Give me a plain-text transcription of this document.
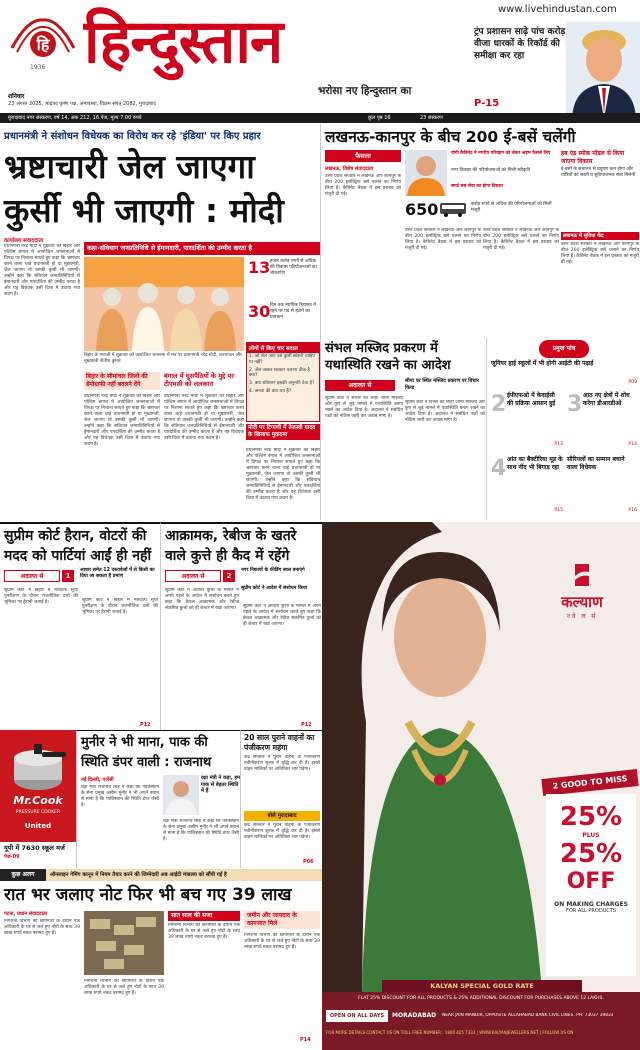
हि
1936 हिन्दुस्तान	www.livehindustan.com
भरोसा नए हिन्दुस्तान का
शनिवार
23 अगस्त 2025, भाद्रपद कृष्ण पक्ष, अमावस्या, विक्रम संवत् 2082, मुरादाबाद
ट्रंप प्रशासन साढ़े पांच करोड़ वीजा धारकों के रिकॉर्ड की समीक्षा कर रहा
P-15
मुरादाबाद नगर संस्करण, वर्ष 14, अंक 212, 16 पेज, मूल्य 7.00 रुपये	कुल पृष्ठ 16	23 संस्करण
प्रधानमंत्री ने संशोधन विधेयक का विरोध कर रहे 'इंडिया' पर किए प्रहार
भ्रष्टाचारी जेल जाएगा
कुर्सी भी जाएगी : मोदी
कार्यालय संवाददाता
प्रधानमंत्री नरेंद्र मोदी ने शुक्रवार को बिहार और पश्चिम बंगाल में आयोजित जनसभाओं में विपक्ष पर निशाना साधते हुए कहा कि भ्रष्टाचार करने वाला चाहे प्रधानमंत्री हो या मुख्यमंत्री, जेल जाएगा तो उसकी कुर्सी भी जाएगी। उन्होंने कहा कि संविधान जनप्रतिनिधियों से ईमानदारी और पारदर्शिता की उम्मीद करता है और यह विधेयक उसी दिशा में उठाया गया कदम है।
कहा-संविधान जनप्रतिनिधि से ईमानदारी, पारदर्शिता की उम्मीद करता है
13 हजार करोड़ रुपये से अधिक की विकास परियोजनाओं का लोकार्पण
30 दिन तक न्यायिक हिरासत में रहने पर पद से हटाने का प्रावधान
बिहार के गयाजी में शुक्रवार को आयोजित जनसभा में मंच पर प्रधानमंत्री नरेंद्र मोदी, राज्यपाल और मुख्यमंत्री नीतीश कुमार
लोगों से किए चार सवाल
1. जो जेल जाए उसे कुर्सी छोड़नी चाहिए या नहीं?
2. जेल जाकर सरकार चलाना ठीक है क्या?
3. क्या संविधान इसकी अनुमति देता है?
4. जनता की क्या राय है?
बिहार के सीमांचल जिलों की डेमोग्राफी नहीं बदलने देंगे
प्रधानमंत्री नरेंद्र मोदी ने शुक्रवार को बिहार और पश्चिम बंगाल में आयोजित जनसभाओं में विपक्ष पर निशाना साधते हुए कहा कि भ्रष्टाचार करने वाला चाहे प्रधानमंत्री हो या मुख्यमंत्री, जेल जाएगा तो उसकी कुर्सी भी जाएगी। उन्होंने कहा कि संविधान जनप्रतिनिधियों से ईमानदारी और पारदर्शिता की उम्मीद करता है और यह विधेयक उसी दिशा में उठाया गया कदम है।
बंगाल में घुसपैठियों के मुद्दे पर टीएमसी को ललकारा
प्रधानमंत्री नरेंद्र मोदी ने शुक्रवार को बिहार और पश्चिम बंगाल में आयोजित जनसभाओं में विपक्ष पर निशाना साधते हुए कहा कि भ्रष्टाचार करने वाला चाहे प्रधानमंत्री हो या मुख्यमंत्री, जेल जाएगा तो उसकी कुर्सी भी जाएगी। उन्होंने कहा कि संविधान जनप्रतिनिधियों से ईमानदारी और पारदर्शिता की उम्मीद करता है और यह विधेयक उसी दिशा में उठाया गया कदम है।
मोदी पर टिप्पणी में तेजस्वी यादव के खिलाफ मुकदमा
प्रधानमंत्री नरेंद्र मोदी ने शुक्रवार को बिहार और पश्चिम बंगाल में आयोजित जनसभाओं में विपक्ष पर निशाना साधते हुए कहा कि भ्रष्टाचार करने वाला चाहे प्रधानमंत्री हो या मुख्यमंत्री, जेल जाएगा तो उसकी कुर्सी भी जाएगी। उन्होंने कहा कि संविधान जनप्रतिनिधियों से ईमानदारी और पारदर्शिता की उम्मीद करता है और यह विधेयक उसी दिशा में उठाया गया कदम है।
लखनऊ-कानपुर के बीच 200 ई-बसें चलेंगी
फैसला
लखनऊ, विशेष संवाददाता
उत्तर प्रदेश सरकार ने लखनऊ और कानपुर के बीच 200 इलेक्ट्रिक बसें चलाने का निर्णय लिया है। कैबिनेट बैठक में इस प्रस्ताव को मंजूरी दी गई।
योगी कैबिनेट ने नगरीय परिवहन को लेकर अहम फैसले लिए
नगर विकास की परियोजनाओं को मिली स्वीकृति
स्मार्ट बस सेवा का होगा विस्तार
650	करोड़ रुपये से अधिक की परियोजनाओं को मिली मंजूरी
लखनऊ में सुविधा केंद्र
उत्तर प्रदेश सरकार ने लखनऊ और कानपुर के बीच 200 इलेक्ट्रिक बसें चलाने का निर्णय लिया है। कैबिनेट बैठक में इस प्रस्ताव को मंजूरी दी गई।
उत्तर प्रदेश सरकार ने लखनऊ और कानपुर के बीच 200 इलेक्ट्रिक बसें चलाने का निर्णय लिया है। कैबिनेट बैठक में इस प्रस्ताव को मंजूरी दी गई।
हब एंड स्पोक मॉडल से किया जाएगा विकास
ई-बसों के संचालन से प्रदूषण कम होगा और यात्रियों को सस्ती व सुविधाजनक सेवा मिलेगी
उत्तर प्रदेश सरकार ने लखनऊ और कानपुर के बीच 200 इलेक्ट्रिक बसें चलाने का निर्णय लिया है। कैबिनेट बैठक में इस प्रस्ताव को मंजूरी दी गई।
संभल मस्जिद प्रकरण में यथास्थिति रखने का आदेश
अदालत से
सीमा पर स्थित मस्जिद प्रकरण पर विचार किया
सुप्रीम कोर्ट ने संभल की शाही जामा मस्जिद और कुएं से जुड़े मामले में यथास्थिति बनाए रखने का आदेश दिया है। अदालत ने संबंधित पक्षों को नोटिस जारी कर जवाब मांगा है।
सुप्रीम कोर्ट ने संभल की शाही जामा मस्जिद और कुएं से जुड़े मामले में यथास्थिति बनाए रखने का आदेश दिया है। अदालत ने संबंधित पक्षों को नोटिस जारी कर जवाब मांगा है।
प्रमुख पांच
जूनियर हाई स्कूलों में भी होगी आईटी की पढ़ाई
P09
2 ईपीएफओ में केवाईसी की प्रक्रिया आसान हुई
P13
3 आठ नए क्षेत्रों में शोध करेगा डीआरडीओ
P14
4 आंत का बैक्टीरिया मूड के साथ नींद भी बिगाड़ रहा
P15
सीरियलों का सम्मान बचाने वाला विधेयक
P16
सुप्रीम कोर्ट हैरान, वोटरों की
मदद को पार्टियां आईं ही नहीं
अदालत से	1
आधार समेत 12 दस्तावेजों में से किसी का दिया जा सकता है प्रमाण
सुप्रीम कोर्ट ने बिहार में मतदाता सूची पुनरीक्षण के दौरान राजनीतिक दलों की भूमिका पर हैरानी जताई है।	सुप्रीम कोर्ट ने बिहार में मतदाता सूची पुनरीक्षण के दौरान राजनीतिक दलों की भूमिका पर हैरानी जताई है।
P12
आक्रामक, रेबीज के खतरे
वाले कुत्ते ही कैद में रहेंगे
अदालत से	2
नगर निकायों के फीडिंग स्थल बनाएंगे
सुप्रीम कोर्ट ने आदेश में संशोधन किया
सुप्रीम कोर्ट ने आवारा कुत्तों के मामले में अपने पहले के आदेश में संशोधन करते हुए कहा कि केवल आक्रामक और रेबीज संक्रमित कुत्तों को ही शेल्टर में रखा जाएगा।	सुप्रीम कोर्ट ने आवारा कुत्तों के मामले में अपने पहले के आदेश में संशोधन करते हुए कहा कि केवल आक्रामक और रेबीज संक्रमित कुत्तों को ही शेल्टर में रखा जाएगा।
P12
Mr.Cook
PRESSURE COOKER
United
यूपी में 7630 स्कूल मर्ज
पेज-09
मुनीर ने भी माना, पाक की
स्थिति डंपर वाली : राजनाथ
नई दिल्ली, एजेंसी
रक्षा मंत्री राजनाथ सिंह ने कहा कि पाकिस्तान के सेना प्रमुख असीम मुनीर ने भी अपने बयान से माना है कि पाकिस्तान की स्थिति डंपर जैसी है।
रक्षा मंत्री ने कहा, हम पाक से बेहतर स्थिति में हैं
रक्षा मंत्री राजनाथ सिंह ने कहा कि पाकिस्तान के सेना प्रमुख असीम मुनीर ने भी अपने बयान से माना है कि पाकिस्तान की स्थिति डंपर जैसी है।
20 साल पुराने वाहनों का पंजीकरण महंगा
केंद्र सरकार ने पुराने वाहनों के पंजीकरण नवीनीकरण शुल्क में वृद्धि कर दी है। इससे वाहन मालिकों पर अतिरिक्त भार पड़ेगा।
बोले मुरादाबाद
केंद्र सरकार ने पुराने वाहनों के पंजीकरण नवीनीकरण शुल्क में वृद्धि कर दी है। इससे वाहन मालिकों पर अतिरिक्त भार पड़ेगा।
P06
कुछ अलग	ऑनलाइन गेमिंग कानून में नियम तैयार करने की जिम्मेदारी अब आईटी मंत्रालय को सौंपी गई है
रात भर जलाए नोट फिर भी बच गए 39 लाख
पटना, प्रधान संवाददाता
निगरानी विभाग की छापेमारी के दौरान एक अधिकारी के घर से जले हुए नोटों के साथ 39 लाख रुपये नकद बरामद हुए हैं।
निगरानी विभाग की छापेमारी के दौरान एक अधिकारी के घर से जले हुए नोटों के साथ 39 लाख रुपये नकद बरामद हुए हैं।
सात साल की सजा
निगरानी विभाग की छापेमारी के दौरान एक अधिकारी के घर से जले हुए नोटों के साथ 39 लाख रुपये नकद बरामद हुए हैं।
जमीन और जायदाद के कागजात मिले
निगरानी विभाग की छापेमारी के दौरान एक अधिकारी के घर से जले हुए नोटों के साथ 39 लाख रुपये नकद बरामद हुए हैं।
P14
कल्याण
ज्वे ल र्स
2 GOOD TO MISS
25%
PLUS
25%
OFF
ON MAKING CHARGES
FOR ALL PRODUCTS
KALYAN SPECIAL GOLD RATE
FLAT 25% DISCOUNT FOR ALL PRODUCTS & 25% ADDITIONAL DISCOUNT FOR PURCHASES ABOVE 12 LAKHS.
OPEN ON ALL DAYS	MORADABAD NEAR JAIN MANDIR, OPPOSITE ALLAHABAD BANK CIVIL LINES. PH: 73037 39833
FOR MORE DETAILS CONTACT US ON TOLL FREE NUMBER : 1800 425 7333 | WWW.KALYANJEWELLERS.NET | FOLLOW US ON
